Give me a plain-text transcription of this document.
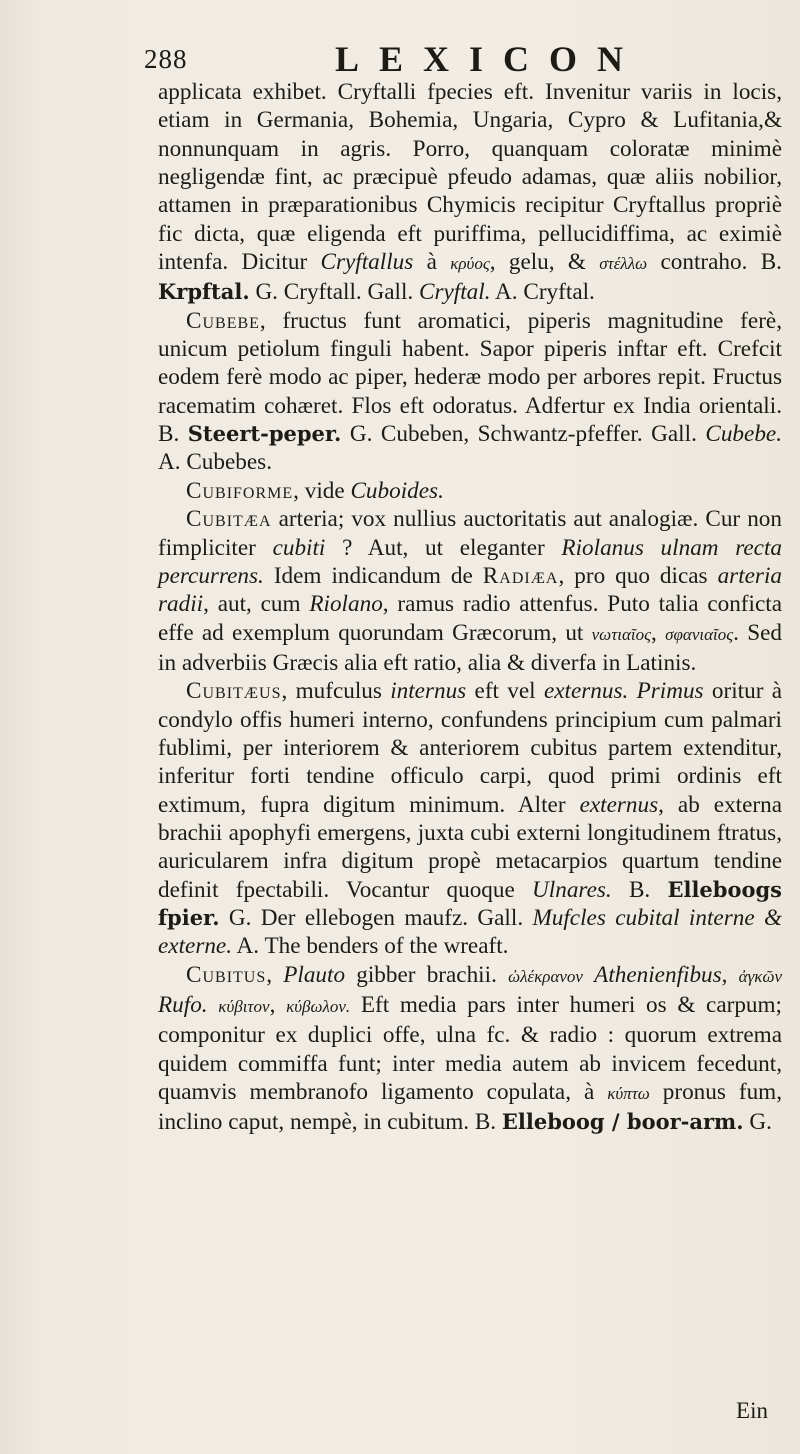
288	LEXICON

applicata exhibet. Cryftalli fpecies eft. Invenitur variis in locis, etiam in Germania, Bohemia, Ungaria, Cypro & Lufitania,& nonnunquam in agris. Porro, quanquam coloratæ minimè negligendæ fint, ac præcipuè pfeudo adamas, quæ aliis nobilior, attamen in præparationibus Chymicis recipitur Cryftallus propriè fic dicta, quæ eligenda eft puriffima, pellucidiffima, ac eximiè intenfa. Dicitur Cryftallus à κρύος, gelu, & στέλλω contraho. B. Krpftal. G. Cryftall. Gall. Cryftal. A. Cryftal.

Cubebe, fructus funt aromatici, piperis magnitudine ferè, unicum petiolum finguli habent. Sapor piperis inftar eft. Crefcit eodem ferè modo ac piper, hederæ modo per arbores repit. Fructus racematim cohæret. Flos eft odoratus. Adfertur ex India orientali. B. Steert-peper. G. Cubeben, Schwantz-pfeffer. Gall. Cubebe. A. Cubebes.

Cubiforme, vide Cuboides.

Cubitæa arteria; vox nullius auctoritatis aut analogiæ. Cur non fimpliciter cubiti ? Aut, ut eleganter Riolanus ulnam recta percurrens. Idem indicandum de Radiæa, pro quo dicas arteria radii, aut, cum Riolano, ramus radio attenfus. Puto talia conficta effe ad exemplum quorundam Græcorum, ut νωτιαῖος, σφανιαῖος. Sed in adverbiis Græcis alia eft ratio, alia & diverfa in Latinis.

Cubitæus, mufculus internus eft vel externus. Primus oritur à condylo offis humeri interno, confundens principium cum palmari fublimi, per interiorem & anteriorem cubitus partem extenditur, inferitur forti tendine officulo carpi, quod primi ordinis eft extimum, fupra digitum minimum. Alter externus, ab externa brachii apophyfi emergens, juxta cubi externi longitudinem ftratus, auricularem infra digitum propè metacarpios quartum tendine definit fpectabili. Vocantur quoque Ulnares. B. Elleboogs fpier. G. Der ellebogen maufz. Gall. Mufcles cubital interne & externe. A. The benders of the wreaft.

Cubitus, Plauto gibber brachii. ὠλέκρανον Athenienfibus, ἀγκῶν Rufo. κύβιτον, κύβωλον. Eft media pars inter humeri os & carpum; componitur ex duplici offe, ulna fc. & radio : quorum extrema quidem commiffa funt; inter media autem ab invicem fecedunt, quamvis membranofo ligamento copulata, à κύπτω pronus fum, inclino caput, nempè, in cubitum. B. Elleboog / boor-arm. G.

Ein
